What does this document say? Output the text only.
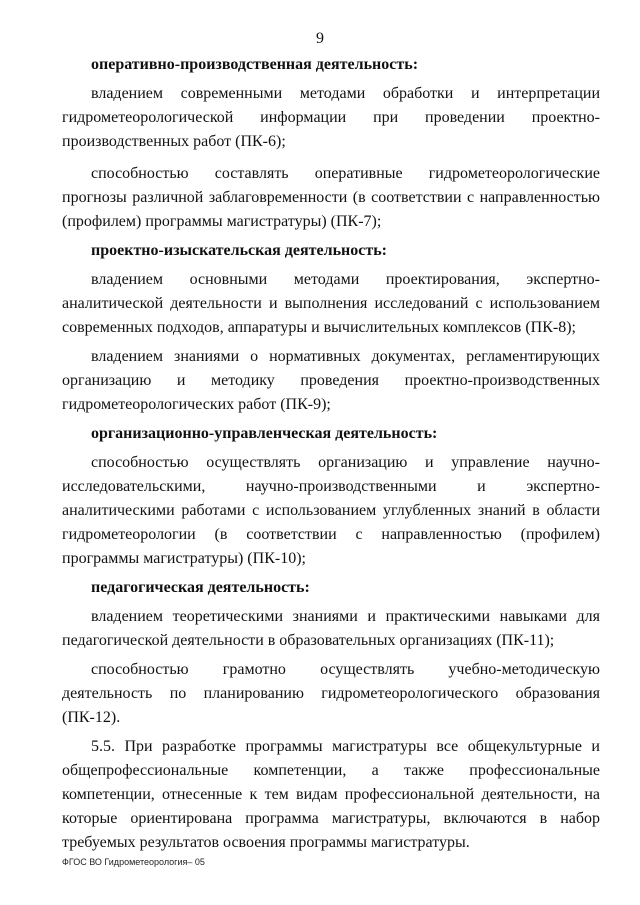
9

оперативно-производственная деятельность:

владением современными методами обработки и интерпретации гидрометеорологической информации при проведении проектно-производственных работ (ПК-6);

способностью составлять оперативные гидрометеорологические прогнозы различной заблаговременности (в соответствии с направленностью (профилем) программы магистратуры) (ПК-7);

проектно-изыскательская деятельность:

владением основными методами проектирования, экспертно-аналитической деятельности и выполнения исследований с использованием современных подходов, аппаратуры и вычислительных комплексов (ПК-8);

владением знаниями о нормативных документах, регламентирующих организацию и методику проведения проектно-производственных гидрометеорологических работ (ПК-9);

организационно-управленческая деятельность:

способностью осуществлять организацию и управление научно-исследовательскими, научно-производственными и экспертно-аналитическими работами с использованием углубленных знаний в области гидрометеорологии (в соответствии с направленностью (профилем) программы магистратуры) (ПК-10);

педагогическая деятельность:

владением теоретическими знаниями и практическими навыками для педагогической деятельности в образовательных организациях (ПК-11);

способностью грамотно осуществлять учебно-методическую деятельность по планированию гидрометеорологического образования (ПК-12).

5.5. При разработке программы магистратуры все общекультурные и общепрофессиональные компетенции, а также профессиональные компетенции, отнесенные к тем видам профессиональной деятельности, на которые ориентирована программа магистратуры, включаются в набор требуемых результатов освоения программы магистратуры.

ФГОС ВО Гидрометеорология– 05
